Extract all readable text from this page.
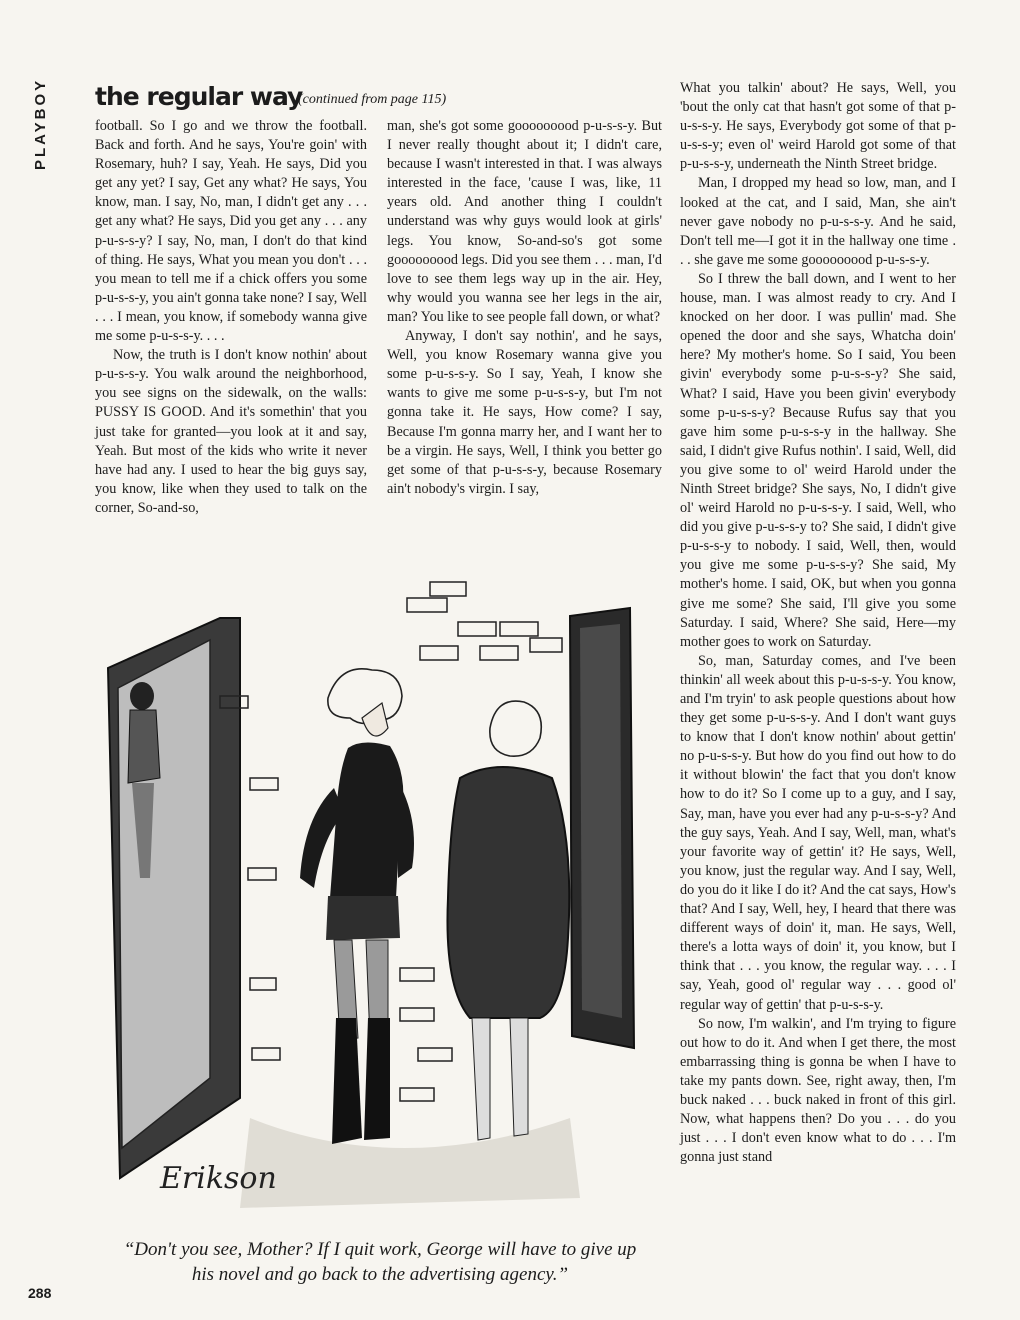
PLAYBOY the regular way
(continued from page 115)

football. So I go and we throw the football. Back and forth. And he says, You're goin' with Rosemary, huh? I say, Yeah. He says, Did you get any yet? I say, Get any what? He says, You know, man. I say, No, man, I didn't get any . . . get any what? He says, Did you get any . . . any p-u-s-s-y? I say, No, man, I don't do that kind of thing. He says, What you mean you don't . . . you mean to tell me if a chick offers you some p-u-s-s-y, you ain't gonna take none? I say, Well . . . I mean, you know, if somebody wanna give me some p-u-s-s-y. . . .

Now, the truth is I don't know nothin' about p-u-s-s-y. You walk around the neighborhood, you see signs on the sidewalk, on the walls: PUSSY IS GOOD. And it's somethin' that you just take for granted—you look at it and say, Yeah. But most of the kids who write it never have had any. I used to hear the big guys say, you know, like when they used to talk on the corner, So-and-so,

man, she's got some gooooooood p-u-s-s-y. But I never really thought about it; I didn't care, because I wasn't interested in that. I was always interested in the face, 'cause I was, like, 11 years old. And another thing I couldn't understand was why guys would look at girls' legs. You know, So-and-so's got some gooooooood legs. Did you see them . . . man, I'd love to see them legs way up in the air. Hey, why would you wanna see her legs in the air, man? You like to see people fall down, or what?

Anyway, I don't say nothin', and he says, Well, you know Rosemary wanna give you some p-u-s-s-y. So I say, Yeah, I know she wants to give me some p-u-s-s-y, but I'm not gonna take it. He says, How come? I say, Because I'm gonna marry her, and I want her to be a virgin. He says, Well, I think you better go get some of that p-u-s-s-y, because Rosemary ain't nobody's virgin. I say,

What you talkin' about? He says, Well, you 'bout the only cat that hasn't got some of that p-u-s-s-y. He says, Everybody got some of that p-u-s-s-y; even ol' weird Harold got some of that p-u-s-s-y, underneath the Ninth Street bridge.

Man, I dropped my head so low, man, and I looked at the cat, and I said, Man, she ain't never gave nobody no p-u-s-s-y. And he said, Don't tell me—I got it in the hallway one time . . . she gave me some gooooooood p-u-s-s-y.

So I threw the ball down, and I went to her house, man. I was almost ready to cry. And I knocked on her door. I was pullin' mad. She opened the door and she says, Whatcha doin' here? My mother's home. So I said, You been givin' everybody some p-u-s-s-y? She said, What? I said, Have you been givin' everybody some p-u-s-s-y? Because Rufus say that you gave him some p-u-s-s-y in the hallway. She said, I didn't give Rufus nothin'. I said, Well, did you give some to ol' weird Harold under the Ninth Street bridge? She says, No, I didn't give ol' weird Harold no p-u-s-s-y. I said, Well, who did you give p-u-s-s-y to? She said, I didn't give p-u-s-s-y to nobody. I said, Well, then, would you give me some p-u-s-s-y? She said, My mother's home. I said, OK, but when you gonna give me some? She said, I'll give you some Saturday. I said, Where? She said, Here—my mother goes to work on Saturday.

So, man, Saturday comes, and I've been thinkin' all week about this p-u-s-s-y. You know, and I'm tryin' to ask people questions about how they get some p-u-s-s-y. And I don't want guys to know that I don't know nothin' about gettin' no p-u-s-s-y. But how do you find out how to do it without blowin' the fact that you don't know how to do it? So I come up to a guy, and I say, Say, man, have you ever had any p-u-s-s-y? And the guy says, Yeah. And I say, Well, man, what's your favorite way of gettin' it? He says, Well, you know, just the regular way. And I say, Well, do you do it like I do it? And the cat says, How's that? And I say, Well, hey, I heard that there was different ways of doin' it, man. He says, Well, there's a lotta ways of doin' it, you know, but I think that . . . you know, the regular way. . . . I say, Yeah, good ol' regular way . . . good ol' regular way of gettin' that p-u-s-s-y.

So now, I'm walkin', and I'm trying to figure out how to do it. And when I get there, the most embarrassing thing is gonna be when I have to take my pants down. See, right away, then, I'm buck naked . . . buck naked in front of this girl. Now, what happens then? Do you . . . do you just . . . I don't even know what to do . . . I'm gonna just stand

Erikson
“Don't you see, Mother? If I quit work, George will have to give up his novel and go back to the advertising agency.”
288
